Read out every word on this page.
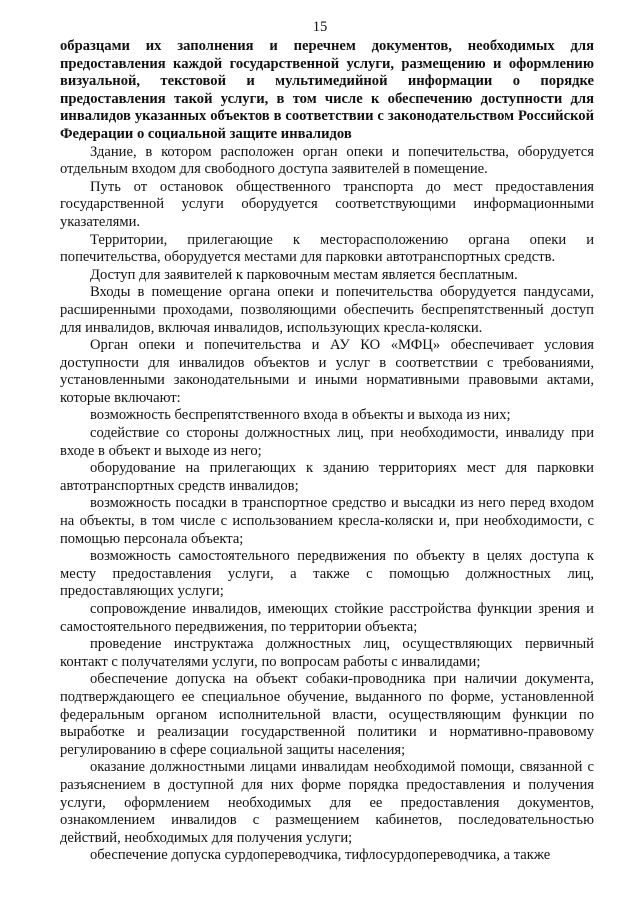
15

образцами их заполнения и перечнем документов, необходимых для предоставления каждой государственной услуги, размещению и оформлению визуальной, текстовой и мультимедийной информации о порядке предоставления такой услуги, в том числе к обеспечению доступности для инвалидов указанных объектов в соответствии с законодательством Российской Федерации о социальной защите инвалидов

Здание, в котором расположен орган опеки и попечительства, оборудуется отдельным входом для свободного доступа заявителей в помещение.

Путь от остановок общественного транспорта до мест предоставления государственной услуги оборудуется соответствующими информационными указателями.

Территории, прилегающие к месторасположению органа опеки и попечительства, оборудуется местами для парковки автотранспортных средств.

Доступ для заявителей к парковочным местам является бесплатным.

Входы в помещение органа опеки и попечительства оборудуется пандусами, расширенными проходами, позволяющими обеспечить беспрепятственный доступ для инвалидов, включая инвалидов, использующих кресла-коляски.

Орган опеки и попечительства и АУ КО «МФЦ» обеспечивает условия доступности для инвалидов объектов и услуг в соответствии с требованиями, установленными законодательными и иными нормативными правовыми актами, которые включают:

возможность беспрепятственного входа в объекты и выхода из них;

содействие со стороны должностных лиц, при необходимости, инвалиду при входе в объект и выходе из него;

оборудование на прилегающих к зданию территориях мест для парковки автотранспортных средств инвалидов;

возможность посадки в транспортное средство и высадки из него перед входом на объекты, в том числе с использованием кресла-коляски и, при необходимости, с помощью персонала объекта;

возможность самостоятельного передвижения по объекту в целях доступа к месту предоставления услуги, а также с помощью должностных лиц, предоставляющих услуги;

сопровождение инвалидов, имеющих стойкие расстройства функции зрения и самостоятельного передвижения, по территории объекта;

проведение инструктажа должностных лиц, осуществляющих первичный контакт с получателями услуги, по вопросам работы с инвалидами;

обеспечение допуска на объект собаки-проводника при наличии документа, подтверждающего ее специальное обучение, выданного по форме, установленной федеральным органом исполнительной власти, осуществляющим функции по выработке и реализации государственной политики и нормативно-правовому регулированию в сфере социальной защиты населения;

оказание должностными лицами инвалидам необходимой помощи, связанной с разъяснением в доступной для них форме порядка предоставления и получения услуги, оформлением необходимых для ее предоставления документов, ознакомлением инвалидов с размещением кабинетов, последовательностью действий, необходимых для получения услуги;

обеспечение допуска сурдопереводчика, тифлосурдопереводчика, а также
